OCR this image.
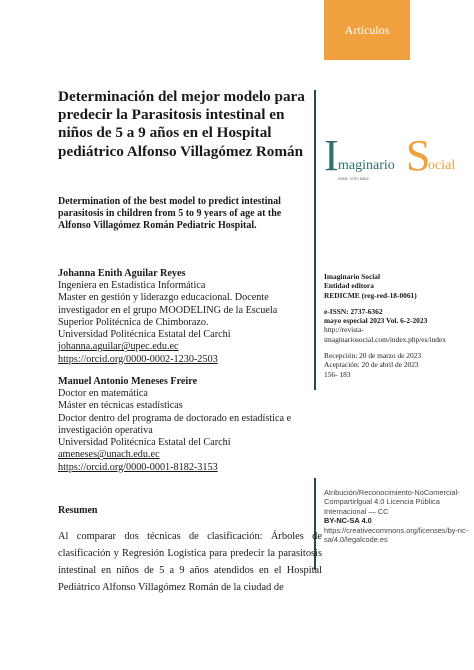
Artículos
Determinación del mejor modelo para predecir la Parasitosis intestinal en niños de 5 a 9 años en el Hospital pediátrico Alfonso Villagómez Román
Determination of the best model to predict intestinal parasitosis in children from 5 to 9 years of age at the Alfonso Villagómez Román Pediatric Hospital.
I maginario S
ocial
ISSN: 2737-6362
Johanna Enith Aguilar Reyes
Ingeniera en Estadística Informática
Master en gestión y liderazgo educacional. Docente investigador en el grupo MOODELING de la Escuela Superior Politécnica de Chimborazo.
Universidad Politécnica Estatal del Carchi
johanna.aguilar@upec.edu.ec
https://orcid.org/0000-0002-1230-2503
Manuel Antonio Meneses Freire
Doctor en matemática
Máster en técnicas estadísticas
Doctor dentro del programa de doctorado en estadística e investigación operativa
Universidad Politécnica Estatal del Carchi
ameneses@unach.edu.ec
https://orcid.org/0000-0001-8182-3153
Imaginario Social
Entidad editora
REDICME (reg-red-18-0061)
e-ISSN: 2737-6362
mayo especial 2023 Vol. 6-2-2023
http://revista-imaginariosocial.com/index.php/es/index
Recepción: 20 de marzo de 2023
Aceptación: 20 de abril de 2023
156- 183
Atribución/Reconocimiento-NoComercial- Compartirlgual 4.0 Licencia Pública Internacional — CC
BY-NC-SA 4.0
https://creativecommons.org/licenses/by-nc- sa/4.0/legalcode.es
Resumen

Al comparar dos técnicas de clasificación: Árboles de clasificación y Regresión Logística para predecir la parasitosis intestinal en niños de 5 a 9 años atendidos en el Hospital Pediátrico Alfonso Villagómez Román de la ciudad de
